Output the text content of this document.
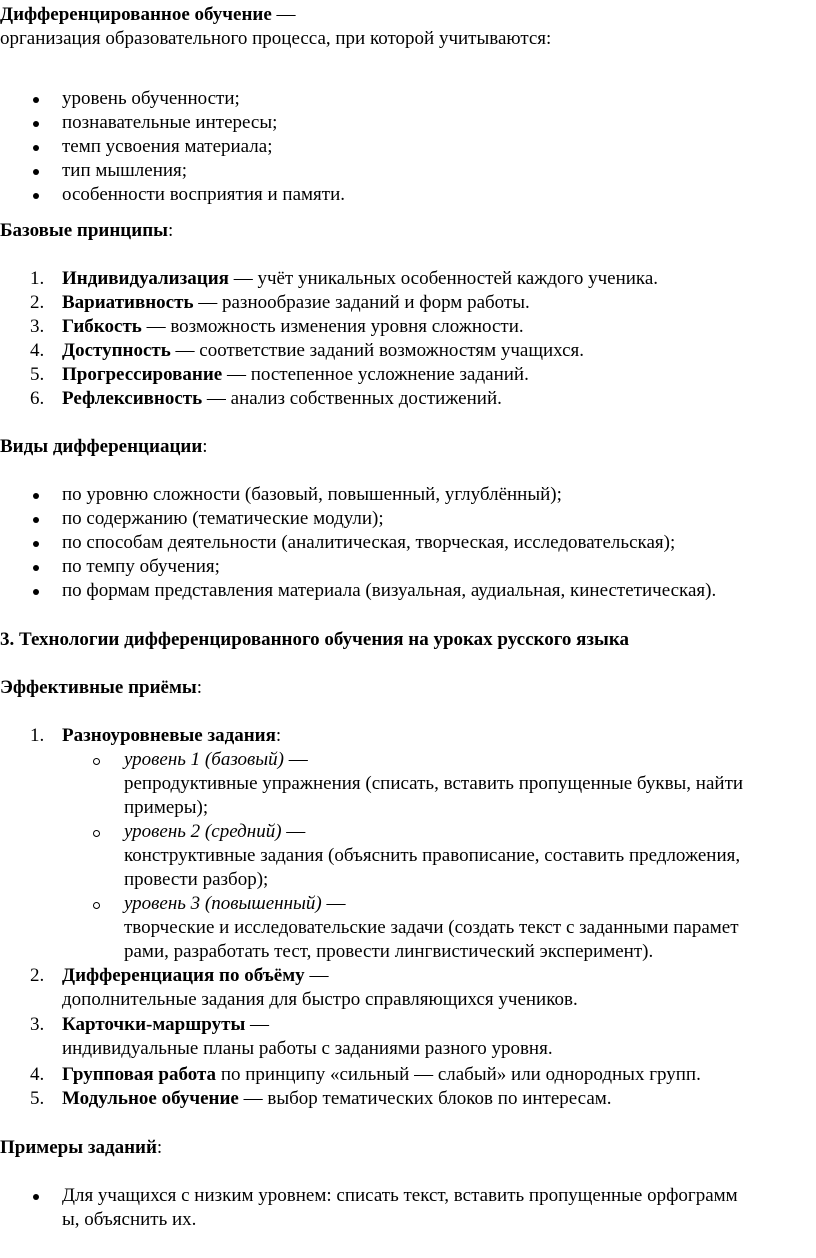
Дифференцированное обучение —
организация образовательного процесса, при которой учитываются:
уровень обученности;
познавательные интересы;
темп усвоения материала;
тип мышления;
особенности восприятия и памяти.
Базовые принципы:
1. Индивидуализация — учёт уникальных особенностей каждого ученика.
2. Вариативность — разнообразие заданий и форм работы.
3. Гибкость — возможность изменения уровня сложности.
4. Доступность — соответствие заданий возможностям учащихся.
5. Прогрессирование — постепенное усложнение заданий.
6. Рефлексивность — анализ собственных достижений.
Виды дифференциации:
по уровню сложности (базовый, повышенный, углублённый);
по содержанию (тематические модули);
по способам деятельности (аналитическая, творческая, исследовательская);
по темпу обучения;
по формам представления материала (визуальная, аудиальная, кинестетическая).
3. Технологии дифференцированного обучения на уроках русского языка
Эффективные приёмы:
1. Разноуровневые задания:
уровень 1 (базовый) —
репродуктивные упражнения (списать, вставить пропущенные буквы, найти
примеры);
уровень 2 (средний) —
конструктивные задания (объяснить правописание, составить предложения,
провести разбор);
уровень 3 (повышенный) —
творческие и исследовательские задачи (создать текст с заданными парамет
рами, разработать тест, провести лингвистический эксперимент).
2. Дифференциация по объёму —
дополнительные задания для быстро справляющихся учеников.
3. Карточки-маршруты —
индивидуальные планы работы с заданиями разного уровня.
4. Групповая работа по принципу «сильный — слабый» или однородных групп.
5. Модульное обучение — выбор тематических блоков по интересам.
Примеры заданий:
Для учащихся с низким уровнем: списать текст, вставить пропущенные орфограмм
ы, объяснить их.
